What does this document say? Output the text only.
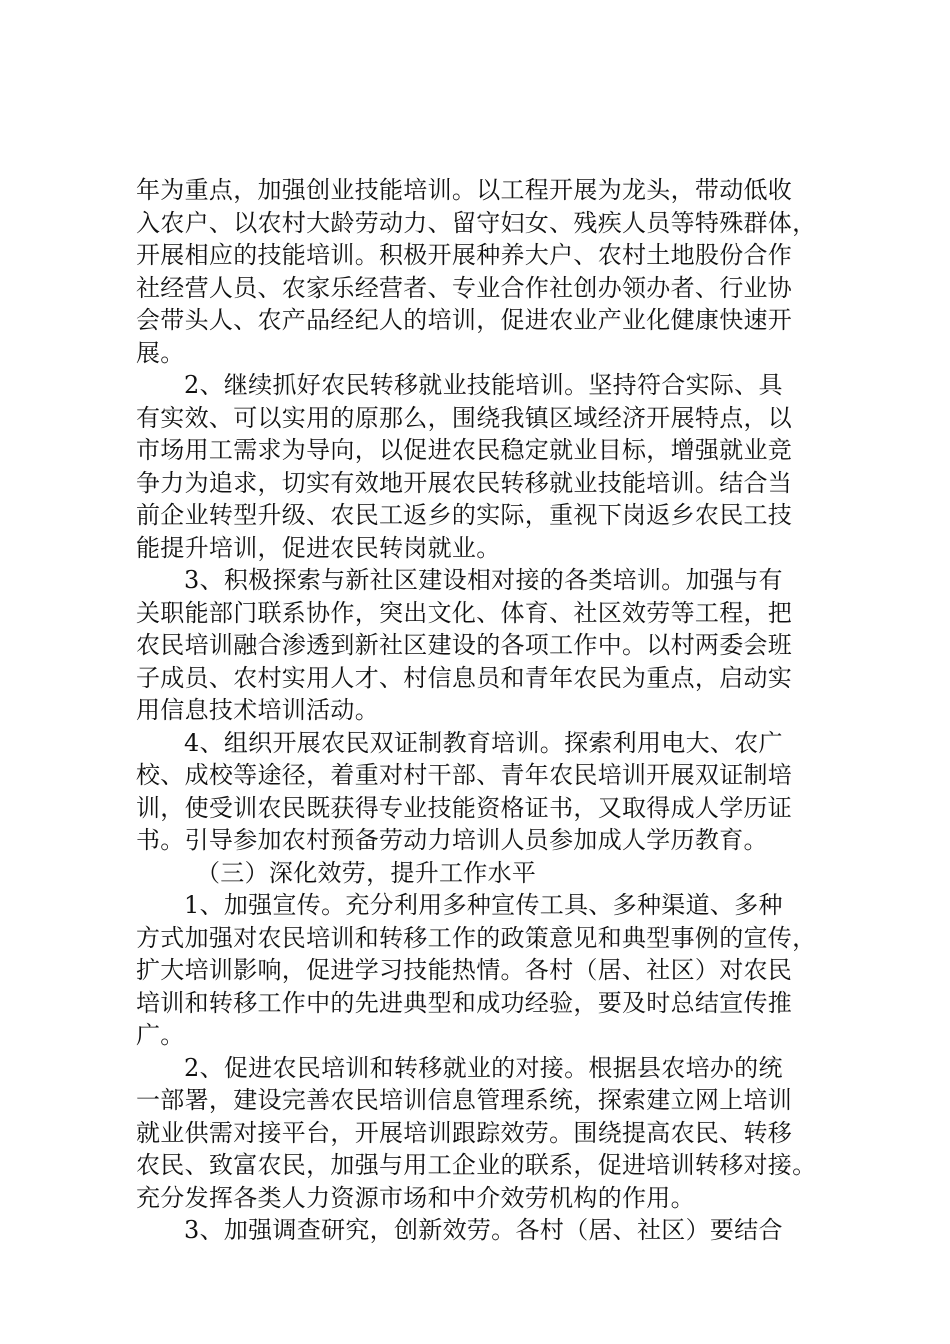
年为重点，加强创业技能培训。以工程开展为龙头，带动低收
入农户、以农村大龄劳动力、留守妇女、残疾人员等特殊群体，
开展相应的技能培训。积极开展种养大户、农村土地股份合作
社经营人员、农家乐经营者、专业合作社创办领办者、行业协
会带头人、农产品经纪人的培训，促进农业产业化健康快速开
展。
2、继续抓好农民转移就业技能培训。坚持符合实际、具
有实效、可以实用的原那么，围绕我镇区域经济开展特点，以
市场用工需求为导向，以促进农民稳定就业目标，增强就业竞
争力为追求，切实有效地开展农民转移就业技能培训。结合当
前企业转型升级、农民工返乡的实际，重视下岗返乡农民工技
能提升培训，促进农民转岗就业。
3、积极探索与新社区建设相对接的各类培训。加强与有
关职能部门联系协作，突出文化、体育、社区效劳等工程，把
农民培训融合渗透到新社区建设的各项工作中。以村两委会班
子成员、农村实用人才、村信息员和青年农民为重点，启动实
用信息技术培训活动。
4、组织开展农民双证制教育培训。探索利用电大、农广
校、成校等途径，着重对村干部、青年农民培训开展双证制培
训，使受训农民既获得专业技能资格证书，又取得成人学历证
书。引导参加农村预备劳动力培训人员参加成人学历教育。
（三）深化效劳，提升工作水平
1、加强宣传。充分利用多种宣传工具、多种渠道、多种
方式加强对农民培训和转移工作的政策意见和典型事例的宣传，
扩大培训影响，促进学习技能热情。各村（居、社区）对农民
培训和转移工作中的先进典型和成功经验，要及时总结宣传推
广。
2、促进农民培训和转移就业的对接。根据县农培办的统
一部署，建设完善农民培训信息管理系统，探索建立网上培训
就业供需对接平台，开展培训跟踪效劳。围绕提高农民、转移
农民、致富农民，加强与用工企业的联系，促进培训转移对接。
充分发挥各类人力资源市场和中介效劳机构的作用。
3、加强调查研究，创新效劳。各村（居、社区）要结合
